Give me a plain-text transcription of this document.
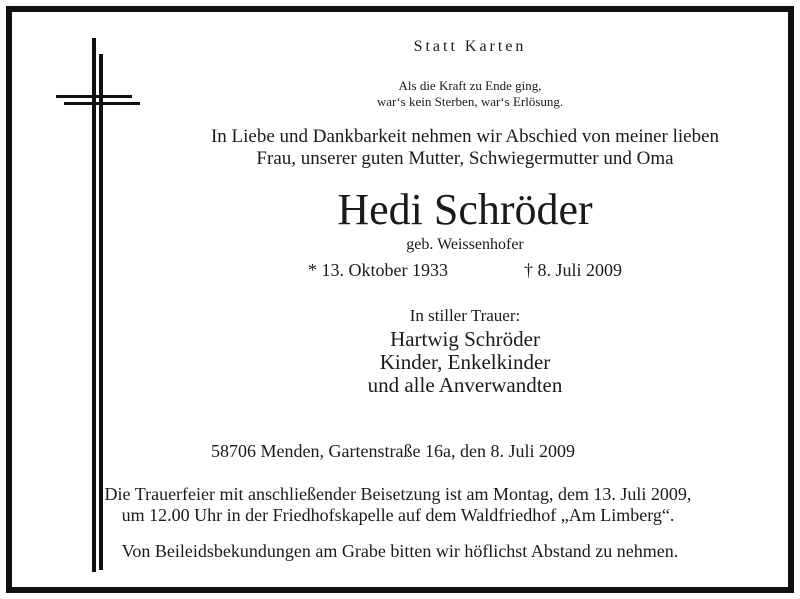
Statt Karten
Als die Kraft zu Ende ging,
war‘s kein Sterben, war‘s Erlösung.
In Liebe und Dankbarkeit nehmen wir Abschied von meiner lieben
Frau, unserer guten Mutter, Schwiegermutter und Oma
Hedi Schröder
geb. Weissenhofer
* 13. Oktober 1933	† 8. Juli 2009
In stiller Trauer:
Hartwig Schröder
Kinder, Enkelkinder
und alle Anverwandten
58706 Menden, Gartenstraße 16a, den 8. Juli 2009
Die Trauerfeier mit anschließender Beisetzung ist am Montag, dem 13. Juli 2009,
um 12.00 Uhr in der Friedhofskapelle auf dem Waldfriedhof „Am Limberg“.
Von Beileidsbekundungen am Grabe bitten wir höflichst Abstand zu nehmen.
